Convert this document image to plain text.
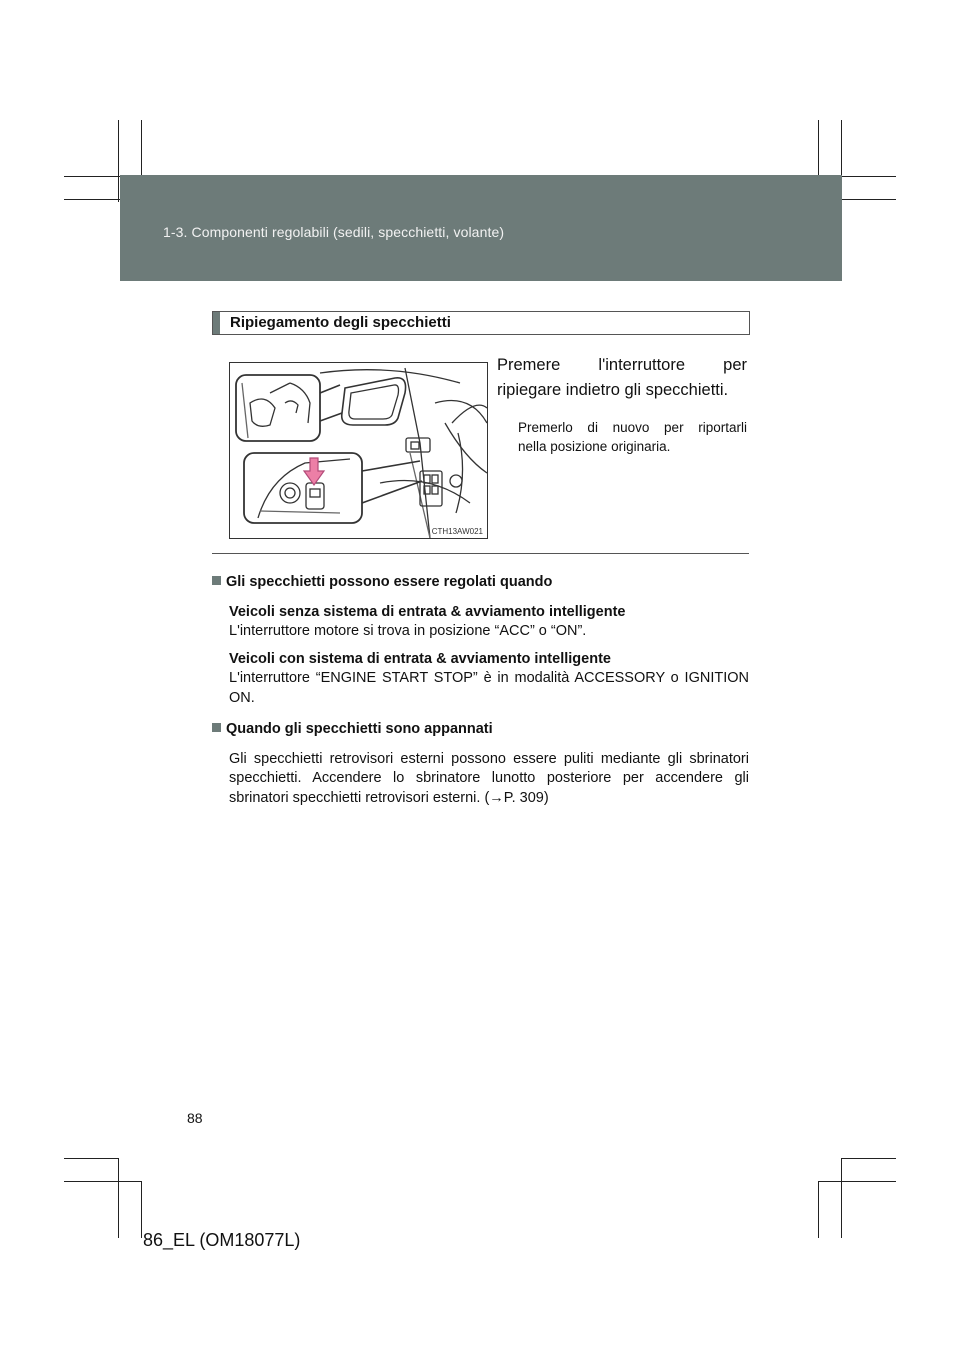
1-3. Componenti regolabili (sedili, specchietti, volante)
Ripiegamento degli specchietti
CTH13AW021
Premere l'interruttore per
ripiegare indietro gli specchietti.
Premerlo di nuovo per riportarli
nella posizione originaria.
Gli specchietti possono essere regolati quando
Veicoli senza sistema di entrata & avviamento intelligente
L'interruttore motore si trova in posizione “ACC” o “ON”.
Veicoli con sistema di entrata & avviamento intelligente
L'interruttore “ENGINE START STOP” è in modalità ACCESSORY o IGNITION ON.
Quando gli specchietti sono appannati
Gli specchietti retrovisori esterni possono essere puliti mediante gli sbrinatori specchietti. Accendere lo sbrinatore lunotto posteriore per accendere gli sbrinatori specchietti retrovisori esterni. (→P. 309)
88
86_EL (OM18077L)
